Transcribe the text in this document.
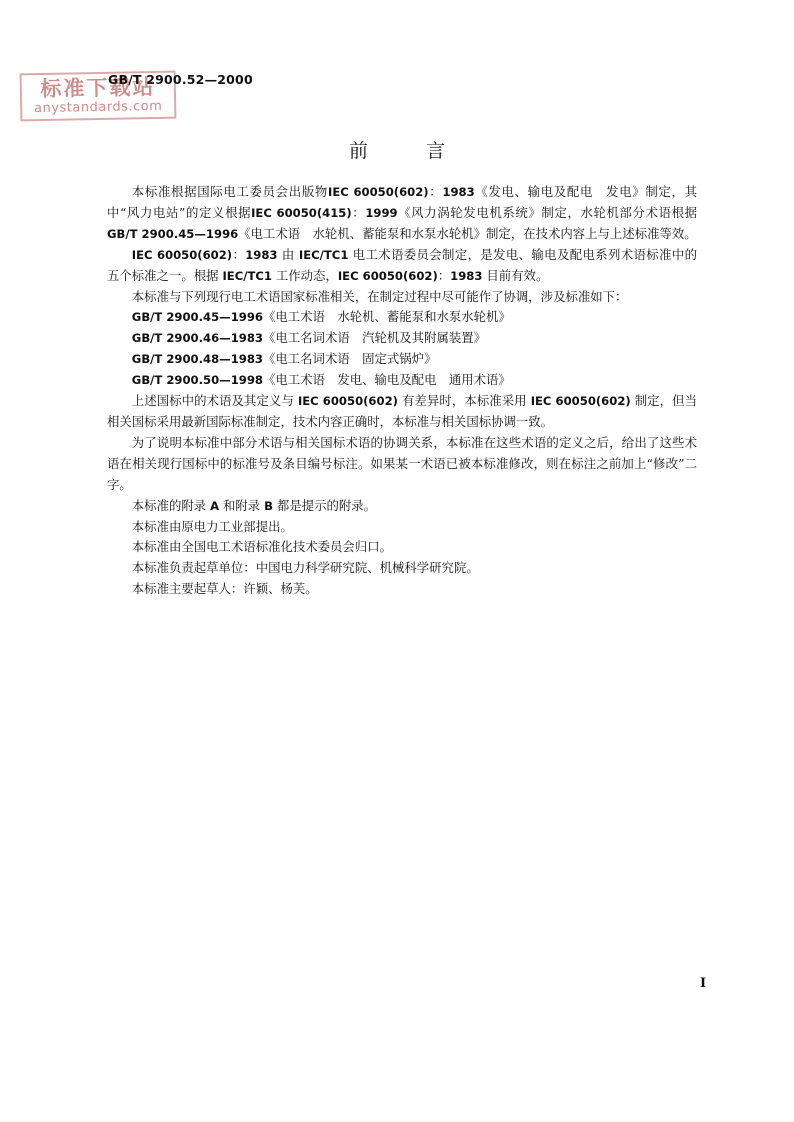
标准下载站
anystandards.com
GB/T 2900.52—2000
前	言

本标准根据国际电工委员会出版物IEC 60050(602)：1983《发电、输电及配电　发电》制定，其中“风力电站”的定义根据IEC 60050(415)：1999《风力涡轮发电机系统》制定，水轮机部分术语根据GB/T 2900.45—1996《电工术语　水轮机、蓄能泵和水泵水轮机》制定，在技术内容上与上述标准等效。

IEC 60050(602)：1983 由 IEC/TC1 电工术语委员会制定，是发电、输电及配电系列术语标准中的五个标准之一。根据 IEC/TC1 工作动态，IEC 60050(602)：1983 目前有效。

本标准与下列现行电工术语国家标准相关，在制定过程中尽可能作了协调，涉及标准如下：

GB/T 2900.45—1996《电工术语　水轮机、蓄能泵和水泵水轮机》

GB/T 2900.46—1983《电工名词术语　汽轮机及其附属装置》

GB/T 2900.48—1983《电工名词术语　固定式锅炉》

GB/T 2900.50—1998《电工术语　发电、输电及配电　通用术语》

上述国标中的术语及其定义与 IEC 60050(602) 有差异时，本标准采用 IEC 60050(602) 制定，但当相关国标采用最新国际标准制定，技术内容正确时，本标准与相关国标协调一致。

为了说明本标准中部分术语与相关国标术语的协调关系，本标准在这些术语的定义之后，给出了这些术语在相关现行国标中的标准号及条目编号标注。如果某一术语已被本标准修改，则在标注之前加上“修改”二字。

本标准的附录 A 和附录 B 都是提示的附录。

本标准由原电力工业部提出。

本标准由全国电工术语标准化技术委员会归口。

本标准负责起草单位：中国电力科学研究院、机械科学研究院。

本标准主要起草人：许颖、杨芙。

I
